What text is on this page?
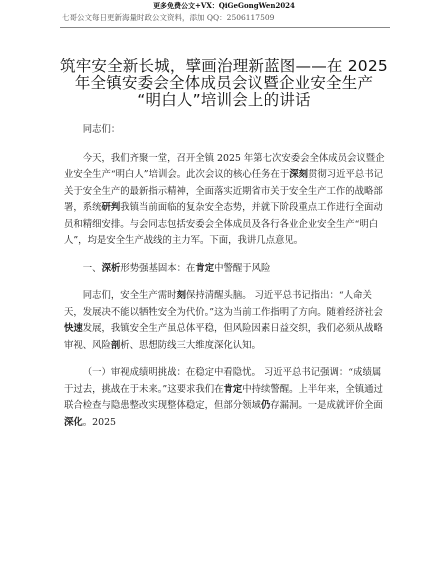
更多免费公文+VX：QiGeGongWen2024
七哥公文每日更新海量时政公文资料，添加 QQ：2506117509
筑牢安全新长城，擘画治理新蓝图——在 2025
年全镇安委会全体成员会议暨企业安全生产
“明白人”培训会上的讲话

同志们：

今天，我们齐聚一堂，召开全镇 2025 年第七次安委会全体成员会议暨企业安全生产“明白人”培训会。此次会议的核心任务在于深刻贯彻习近平总书记关于安全生产的最新指示精神，全面落实近期省市关于安全生产工作的战略部署，系统研判我镇当前面临的复杂安全态势，并就下阶段重点工作进行全面动员和精细安排。与会同志包括安委会全体成员及各行各业企业安全生产“明白人”，均是安全生产战线的主力军。下面，我讲几点意见。

一、深析形势强基固本：在肯定中警醒于风险

同志们，安全生产需时刻保持清醒头脑。 习近平总书记指出：“人命关天，发展决不能以牺牲安全为代价。”这为当前工作指明了方向。随着经济社会快速发展，我镇安全生产虽总体平稳，但风险因素日益交织，我们必须从战略审视、风险剖析、思想防线三大维度深化认知。

（一）审视成绩明挑战：在稳定中看隐忧。 习近平总书记强调：“成绩属于过去，挑战在于未来。”这要求我们在肯定中持续警醒。上半年来，全镇通过联合检查与隐患整改实现整体稳定，但部分领域仍存漏洞。一是成就评价全面深化。2025
